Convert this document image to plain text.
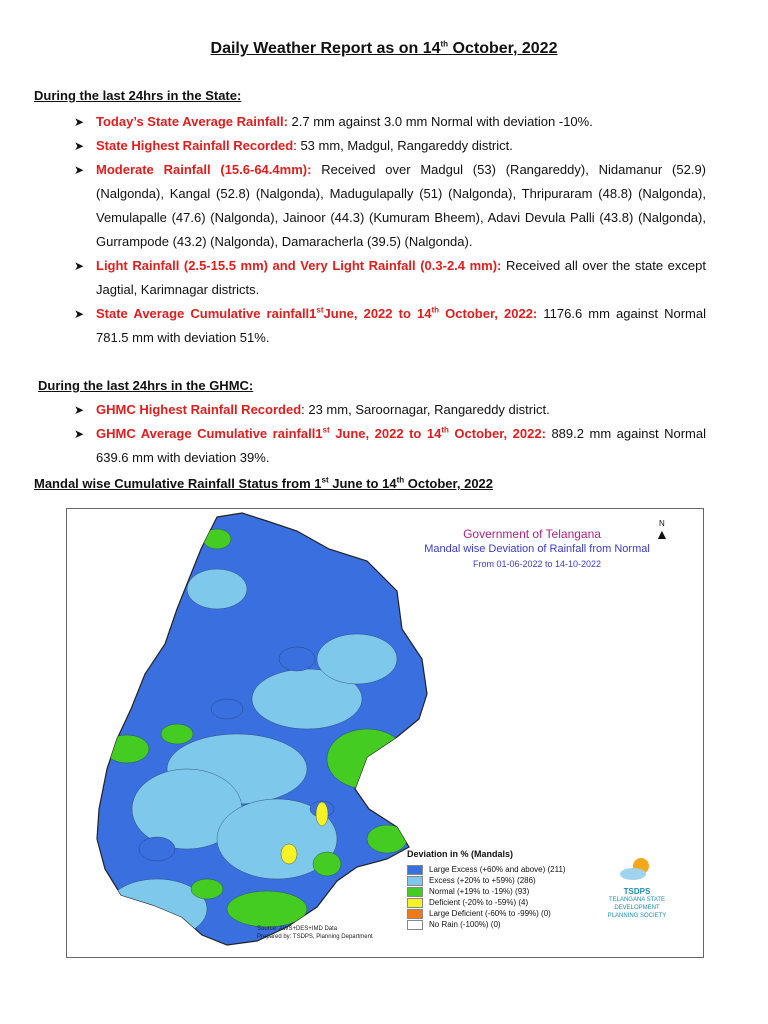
Daily Weather Report as on 14th October, 2022
During the last 24hrs in the State:
➤ Today’s State Average Rainfall: 2.7 mm against 3.0 mm Normal with deviation -10%.
➤ State Highest Rainfall Recorded: 53 mm, Madgul, Rangareddy district.
➤ Moderate Rainfall (15.6-64.4mm): Received over Madgul (53) (Rangareddy), Nidamanur (52.9) (Nalgonda), Kangal (52.8) (Nalgonda), Madugulapally (51) (Nalgonda), Thripuraram (48.8) (Nalgonda), Vemulapalle (47.6) (Nalgonda), Jainoor (44.3) (Kumuram Bheem), Adavi Devula Palli (43.8) (Nalgonda), Gurrampode (43.2) (Nalgonda), Damaracherla (39.5) (Nalgonda).
➤ Light Rainfall (2.5-15.5 mm) and Very Light Rainfall (0.3-2.4 mm): Received all over the state except Jagtial, Karimnagar districts.
➤ State Average Cumulative rainfall1stJune, 2022 to 14th October, 2022: 1176.6 mm against Normal 781.5 mm with deviation 51%.
During the last 24hrs in the GHMC:
➤ GHMC Highest Rainfall Recorded: 23 mm, Saroornagar, Rangareddy district.
➤ GHMC Average Cumulative rainfall1st June, 2022 to 14th October, 2022: 889.2 mm against Normal 639.6 mm with deviation 39%.
Mandal wise Cumulative Rainfall Status from 1st June to 14th October, 2022
Government of Telangana
Mandal wise Deviation of Rainfall from Normal
From 01-06-2022 to 14-10-2022
N
▲
Deviation in % (Mandals)
Large Excess (+60% and above) (211)
Excess (+20% to +59%) (286)
Normal (+19% to -19%) (93)
Deficient (-20% to -59%) (4)
Large Deficient (-60% to -99%) (0)
No Rain (-100%) (0)
Source: AWS+DES+IMD Data
Prepared by: TSDPS, Planning Department
TSDPS
TELANGANA STATE
DEVELOPMENT
PLANNING SOCIETY
